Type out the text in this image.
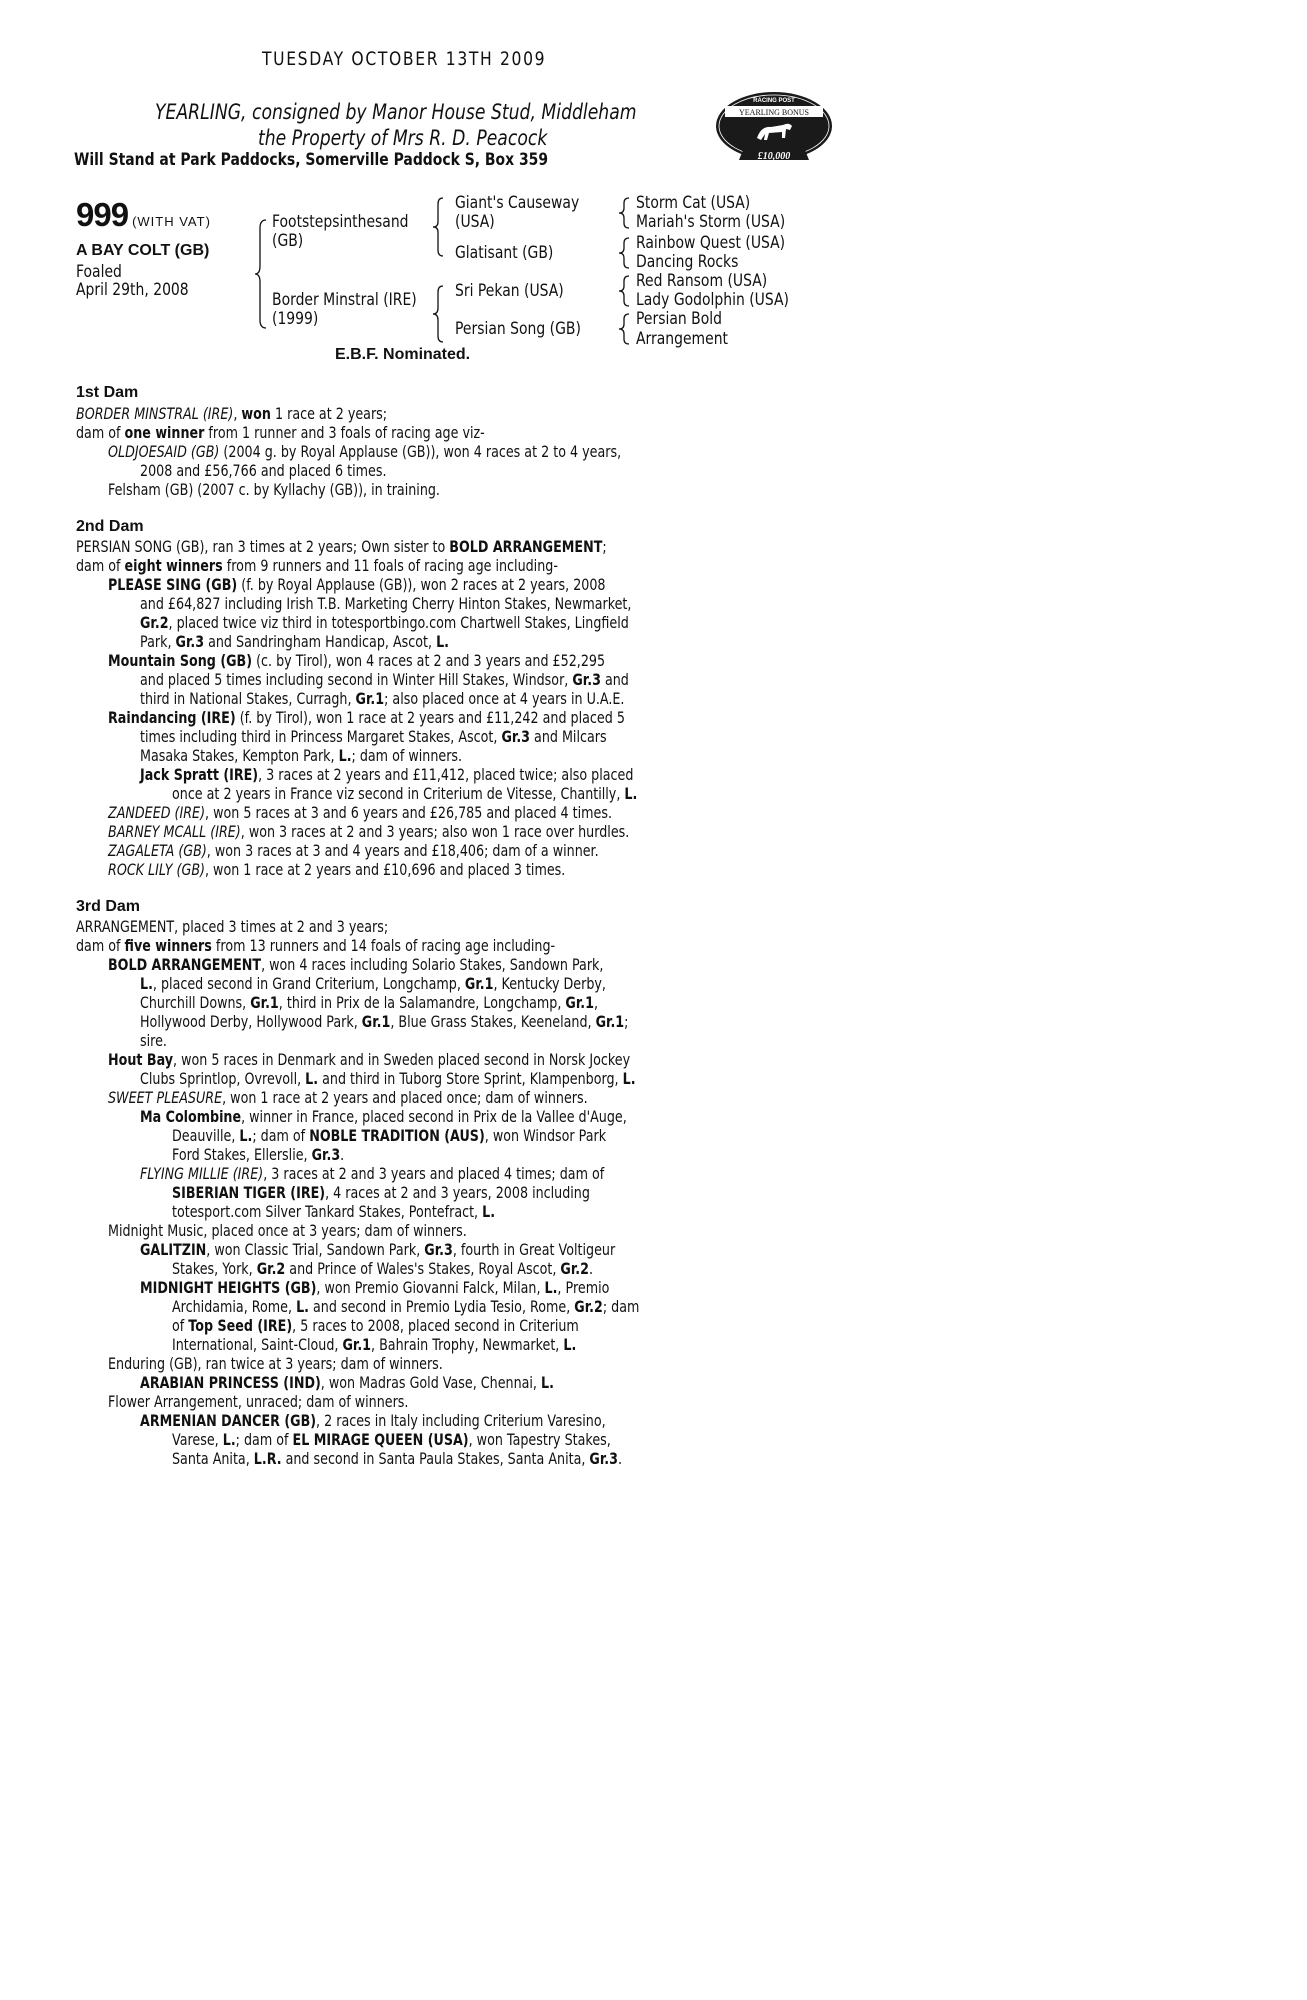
TUESDAY OCTOBER 13TH 2009
YEARLING, consigned by Manor House Stud, Middleham
the Property of Mrs R. D. Peacock
Will Stand at Park Paddocks, Somerville Paddock S, Box 359
RACING POST
YEARLING BONUS
£10,000
999 (WITH VAT)
A BAY COLT (GB)
Foaled
April 29th, 2008
Footstepsinthesand
(GB)
Border Minstral (IRE)
(1999)
Giant's Causeway
(USA)
Glatisant (GB)
Sri Pekan (USA)
Persian Song (GB)
Storm Cat (USA)
Mariah's Storm (USA)
Rainbow Quest (USA)
Dancing Rocks
Red Ransom (USA)
Lady Godolphin (USA)
Persian Bold
Arrangement
E.B.F. Nominated.
1st Dam
BORDER MINSTRAL (IRE), won 1 race at 2 years;
dam of one winner from 1 runner and 3 foals of racing age viz-
OLDJOESAID (GB) (2004 g. by Royal Applause (GB)), won 4 races at 2 to 4 years,
2008 and £56,766 and placed 6 times.
Felsham (GB) (2007 c. by Kyllachy (GB)), in training.
2nd Dam
PERSIAN SONG (GB), ran 3 times at 2 years; Own sister to BOLD ARRANGEMENT;
dam of eight winners from 9 runners and 11 foals of racing age including-
PLEASE SING (GB) (f. by Royal Applause (GB)), won 2 races at 2 years, 2008
and £64,827 including Irish T.B. Marketing Cherry Hinton Stakes, Newmarket,
Gr.2, placed twice viz third in totesportbingo.com Chartwell Stakes, Lingfield
Park, Gr.3 and Sandringham Handicap, Ascot, L.
Mountain Song (GB) (c. by Tirol), won 4 races at 2 and 3 years and £52,295
and placed 5 times including second in Winter Hill Stakes, Windsor, Gr.3 and
third in National Stakes, Curragh, Gr.1; also placed once at 4 years in U.A.E.
Raindancing (IRE) (f. by Tirol), won 1 race at 2 years and £11,242 and placed 5
times including third in Princess Margaret Stakes, Ascot, Gr.3 and Milcars
Masaka Stakes, Kempton Park, L.; dam of winners.
Jack Spratt (IRE), 3 races at 2 years and £11,412, placed twice; also placed
once at 2 years in France viz second in Criterium de Vitesse, Chantilly, L.
ZANDEED (IRE), won 5 races at 3 and 6 years and £26,785 and placed 4 times.
BARNEY MCALL (IRE), won 3 races at 2 and 3 years; also won 1 race over hurdles.
ZAGALETA (GB), won 3 races at 3 and 4 years and £18,406; dam of a winner.
ROCK LILY (GB), won 1 race at 2 years and £10,696 and placed 3 times.
3rd Dam
ARRANGEMENT, placed 3 times at 2 and 3 years;
dam of five winners from 13 runners and 14 foals of racing age including-
BOLD ARRANGEMENT, won 4 races including Solario Stakes, Sandown Park,
L., placed second in Grand Criterium, Longchamp, Gr.1, Kentucky Derby,
Churchill Downs, Gr.1, third in Prix de la Salamandre, Longchamp, Gr.1,
Hollywood Derby, Hollywood Park, Gr.1, Blue Grass Stakes, Keeneland, Gr.1;
sire.
Hout Bay, won 5 races in Denmark and in Sweden placed second in Norsk Jockey
Clubs Sprintlop, Ovrevoll, L. and third in Tuborg Store Sprint, Klampenborg, L.
SWEET PLEASURE, won 1 race at 2 years and placed once; dam of winners.
Ma Colombine, winner in France, placed second in Prix de la Vallee d'Auge,
Deauville, L.; dam of NOBLE TRADITION (AUS), won Windsor Park
Ford Stakes, Ellerslie, Gr.3.
FLYING MILLIE (IRE), 3 races at 2 and 3 years and placed 4 times; dam of
SIBERIAN TIGER (IRE), 4 races at 2 and 3 years, 2008 including
totesport.com Silver Tankard Stakes, Pontefract, L.
Midnight Music, placed once at 3 years; dam of winners.
GALITZIN, won Classic Trial, Sandown Park, Gr.3, fourth in Great Voltigeur
Stakes, York, Gr.2 and Prince of Wales's Stakes, Royal Ascot, Gr.2.
MIDNIGHT HEIGHTS (GB), won Premio Giovanni Falck, Milan, L., Premio
Archidamia, Rome, L. and second in Premio Lydia Tesio, Rome, Gr.2; dam
of Top Seed (IRE), 5 races to 2008, placed second in Criterium
International, Saint-Cloud, Gr.1, Bahrain Trophy, Newmarket, L.
Enduring (GB), ran twice at 3 years; dam of winners.
ARABIAN PRINCESS (IND), won Madras Gold Vase, Chennai, L.
Flower Arrangement, unraced; dam of winners.
ARMENIAN DANCER (GB), 2 races in Italy including Criterium Varesino,
Varese, L.; dam of EL MIRAGE QUEEN (USA), won Tapestry Stakes,
Santa Anita, L.R. and second in Santa Paula Stakes, Santa Anita, Gr.3.
